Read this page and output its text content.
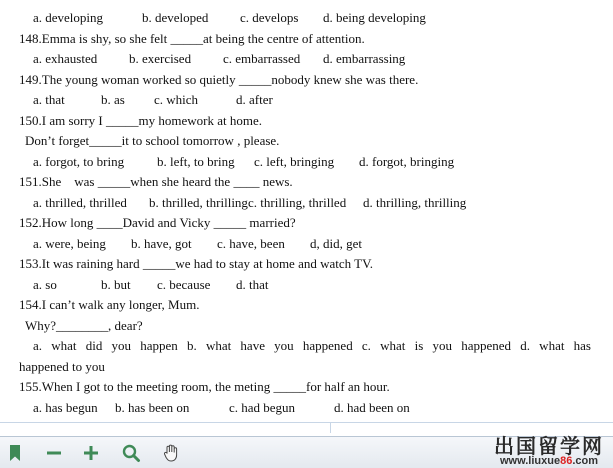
a. developing	b. developed c. develops d. being developing
148.Emma is shy, so she felt _____at being the centre of attention.
a. exhausted b. exercised c. embarrassed d. embarrassing
149.The young woman worked so quietly _____nobody knew she was there.
a. that	b. as c. which	d. after
150.I am sorry I _____my homework at home.
Don’t forget_____it to school tomorrow , please.
a. forgot, to bring	b. left, to bring c. left, bringing d. forgot, bringing
151.She    was _____when she heard the ____ news.
a. thrilled, thrilled b. thrilled, thrilling c. thrilling, thrilled d. thrilling, thrilling
152.How long ____David and Vicky _____ married?
a. were, being b. have, got c. have, been d, did, get
153.It was raining hard _____we had to stay at home and watch TV.
a. so	b. but c. because d. that
154.I can’t walk any longer, Mum.
Why?________, dear?
a. what did you happen b. what have you happened c. what is you happened d. what has
happened to you
155.When I got to the meeting room, the meting _____for half an hour.
a. has begun b. has been on	c. had begun	d. had been on
出国留学网
www.liuxue86.com
